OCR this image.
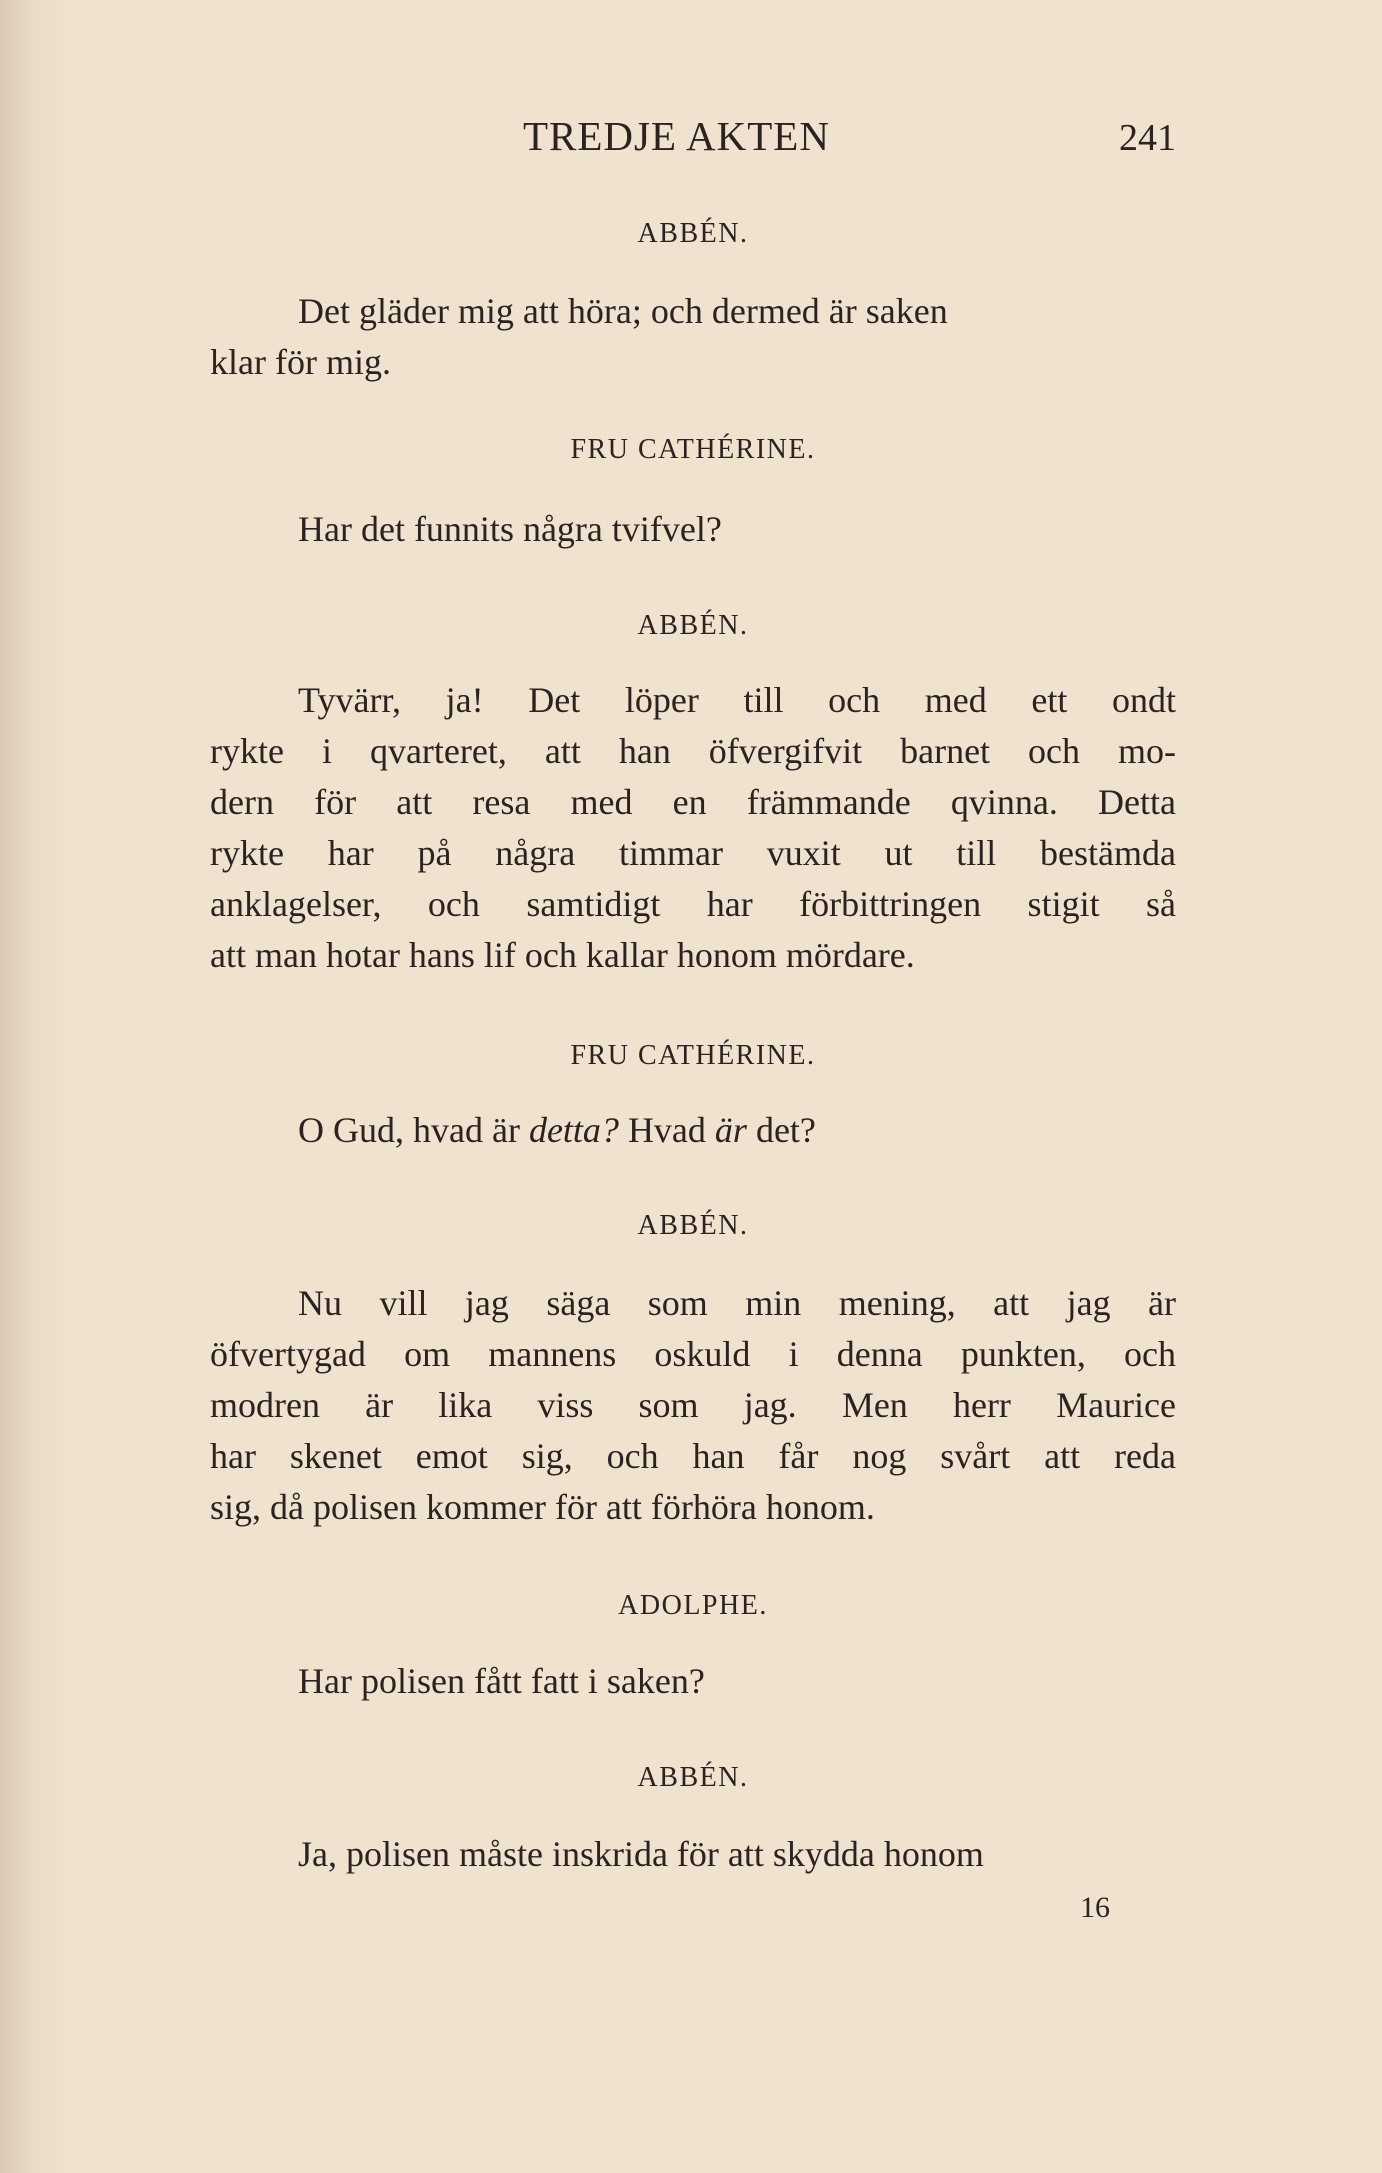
TREDJE AKTEN	241
ABBÉN.
Det gläder mig att höra; och dermed är saken
klar för mig.
FRU CATHÉRINE.
Har det funnits några tvifvel?
ABBÉN.
Tyvärr, ja! Det löper till och med ett ondt
rykte i qvarteret, att han öfvergifvit barnet och mo-
dern för att resa med en främmande qvinna. Detta
rykte har på några timmar vuxit ut till bestämda
anklagelser, och samtidigt har förbittringen stigit så
att man hotar hans lif och kallar honom mördare.
FRU CATHÉRINE.
O Gud, hvad är detta? Hvad är det?
ABBÉN.
Nu vill jag säga som min mening, att jag är
öfvertygad om mannens oskuld i denna punkten, och
modren är lika viss som jag. Men herr Maurice
har skenet emot sig, och han får nog svårt att reda
sig, då polisen kommer för att förhöra honom.
ADOLPHE.
Har polisen fått fatt i saken?
ABBÉN.
Ja, polisen måste inskrida för att skydda honom
16
